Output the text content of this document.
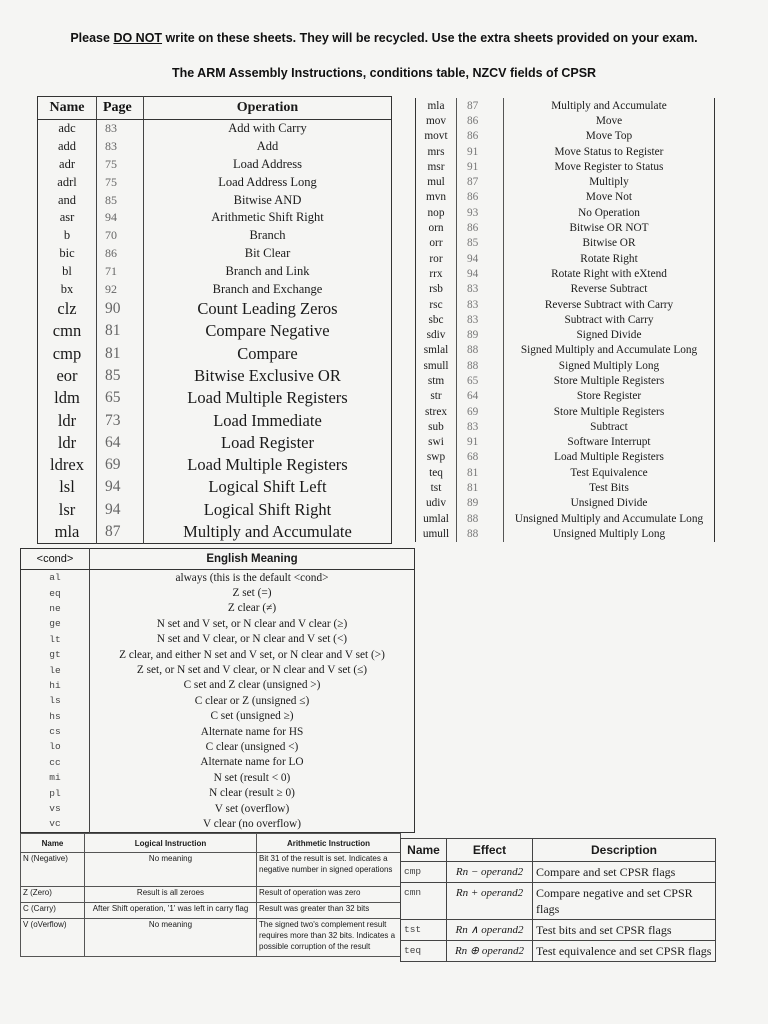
Please DO NOT write on these sheets. They will be recycled. Use the extra sheets provided on your exam.
The ARM Assembly Instructions, conditions table, NZCV fields of CPSR
Name	Page	Operation
adc	83	Add with Carry
add	83	Add
adr	75	Load Address
adrl	75	Load Address Long
and	85	Bitwise AND
asr	94	Arithmetic Shift Right
b	70	Branch
bic	86	Bit Clear
bl	71	Branch and Link
bx	92	Branch and Exchange
clz	90	Count Leading Zeros
cmn	81	Compare Negative
cmp	81	Compare
eor	85	Bitwise Exclusive OR
ldm	65	Load Multiple Registers
ldr	73	Load Immediate
ldr	64	Load Register
ldrex	69	Load Multiple Registers
lsl	94	Logical Shift Left
lsr	94	Logical Shift Right
mla	87	Multiply and Accumulate
mla	87	Multiply and Accumulate
mov	86	Move
movt	86	Move Top
mrs	91	Move Status to Register
msr	91	Move Register to Status
mul	87	Multiply
mvn	86	Move Not
nop	93	No Operation
orn	86	Bitwise OR NOT
orr	85	Bitwise OR
ror	94	Rotate Right
rrx	94	Rotate Right with eXtend
rsb	83	Reverse Subtract
rsc	83	Reverse Subtract with Carry
sbc	83	Subtract with Carry
sdiv	89	Signed Divide
smlal	88	Signed Multiply and Accumulate Long
smull	88	Signed Multiply Long
stm	65	Store Multiple Registers
str	64	Store Register
strex	69	Store Multiple Registers
sub	83	Subtract
swi	91	Software Interrupt
swp	68	Load Multiple Registers
teq	81	Test Equivalence
tst	81	Test Bits
udiv	89	Unsigned Divide
umlal	88	Unsigned Multiply and Accumulate Long
umull	88	Unsigned Multiply Long
<cond>	English Meaning
al	always (this is the default <cond>
eq	Z set (=)
ne	Z clear (≠)
ge	N set and V set, or N clear and V clear (≥)
lt	N set and V clear, or N clear and V set (<)
gt	Z clear, and either N set and V set, or N clear and V set (>)
le	Z set, or N set and V clear, or N clear and V set (≤)
hi	C set and Z clear (unsigned >)
ls	C clear or Z (unsigned ≤)
hs	C set (unsigned ≥)
cs	Alternate name for HS
lo	C clear (unsigned <)
cc	Alternate name for LO
mi	N set (result < 0)
pl	N clear (result ≥ 0)
vs	V set (overflow)
vc	V clear (no overflow)
Name	Logical Instruction	Arithmetic Instruction
N (Negative)	No meaning	Bit 31 of the result is set. Indicates a negative number in signed operations
Z (Zero)	Result is all zeroes	Result of operation was zero
C (Carry)	After Shift operation, '1' was left in carry flag	Result was greater than 32 bits
V (oVerflow)	No meaning	The signed two's complement result requires more than 32 bits. Indicates a possible corruption of the result
Name	Effect	Description
cmp	Rn − operand2	Compare and set CPSR flags
cmn	Rn + operand2	Compare negative and set CPSR flags
tst	Rn ∧ operand2	Test bits and set CPSR flags
teq	Rn ⊕ operand2	Test equivalence and set CPSR flags
